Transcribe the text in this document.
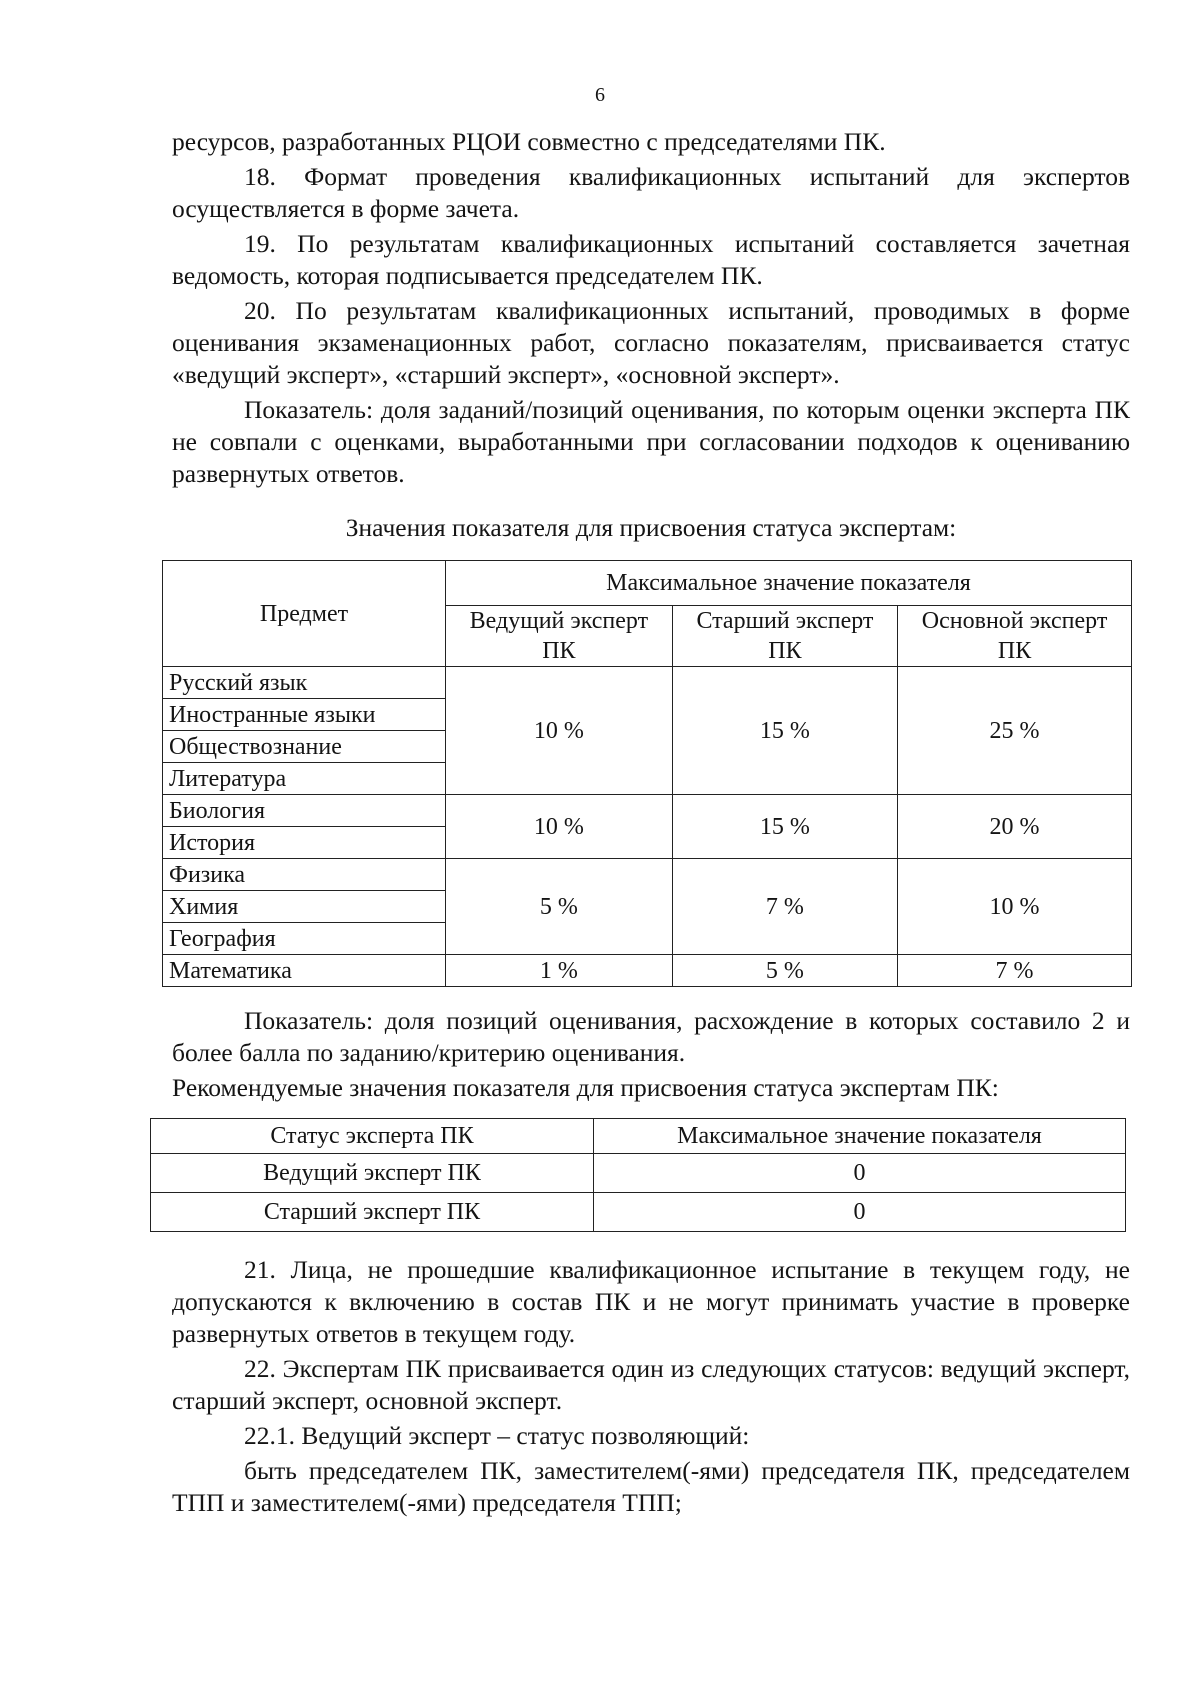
6

ресурсов, разработанных РЦОИ совместно с председателями ПК.

18. Формат проведения квалификационных испытаний для экспертов осуществляется в форме зачета.

19. По результатам квалификационных испытаний составляется зачетная ведомость, которая подписывается председателем ПК.

20. По результатам квалификационных испытаний, проводимых в форме оценивания экзаменационных работ, согласно показателям, присваивается статус «ведущий эксперт», «старший эксперт», «основной эксперт».

Показатель: доля заданий/позиций оценивания, по которым оценки эксперта ПК не совпали с оценками, выработанными при согласовании подходов к оцениванию развернутых ответов.

Значения показателя для присвоения статуса экспертам:
Предмет	Максимальное значение показателя		
	Ведущий эксперт ПК	Старший эксперт ПК	Основной эксперт ПК
Русский язык	10 %	15 %	25 %
Иностранные языки			
Обществознание			
Литература			
Биология	10 %	15 %	20 %
История			
Физика	5 %	7 %	10 %
Химия			
География			
Математика	1 %	5 %	7 %

Показатель: доля позиций оценивания, расхождение в которых составило 2 и более балла по заданию/критерию оценивания.

Рекомендуемые значения показателя для присвоения статуса экспертам ПК:

Статус эксперта ПК	Максимальное значение показателя
Ведущий эксперт ПК	0
Старший эксперт ПК	0

21. Лица, не прошедшие квалификационное испытание в текущем году, не допускаются к включению в состав ПК и не могут принимать участие в проверке развернутых ответов в текущем году.

22. Экспертам ПК присваивается один из следующих статусов: ведущий эксперт, старший эксперт, основной эксперт.

22.1. Ведущий эксперт – статус позволяющий:

быть председателем ПК, заместителем(-ями) председателя ПК, председателем ТПП и заместителем(-ями) председателя ТПП;
